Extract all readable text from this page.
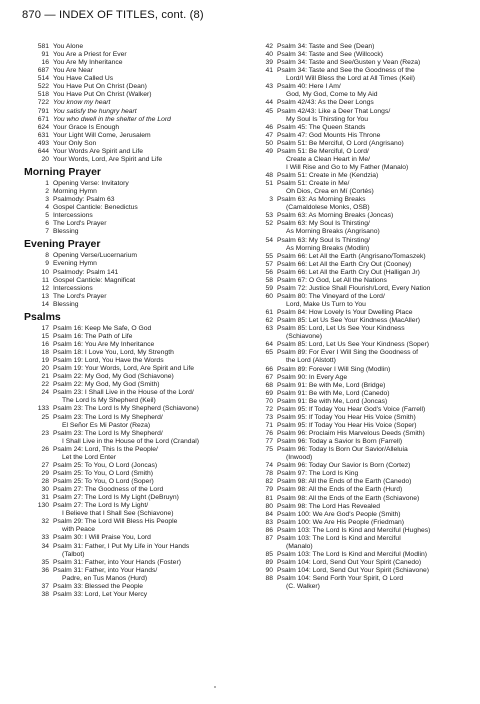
870 — INDEX OF TITLES, cont. (8)
581 You Alone
91 You Are a Priest for Ever
16 You Are My Inheritance
687 You Are Near
514 You Have Called Us
522 You Have Put On Christ (Dean)
518 You Have Put On Christ (Walker)
722 You know my heart
791 You satisfy the hungry heart
671 You who dwell in the shelter of the Lord
624 Your Grace Is Enough
631 Your Light Will Come, Jerusalem
493 Your Only Son
644 Your Words Are Spirit and Life
20 Your Words, Lord, Are Spirit and Life
Morning Prayer
1 Opening Verse: Invitatory
2 Morning Hymn
3 Psalmody: Psalm 63
4 Gospel Canticle: Benedictus
5 Intercessions
6 The Lord's Prayer
7 Blessing
Evening Prayer
8 Opening Verse/Lucernarium
9 Evening Hymn
10 Psalmody: Psalm 141
11 Gospel Canticle: Magnificat
12 Intercessions
13 The Lord's Prayer
14 Blessing
Psalms
17 Psalm 16: Keep Me Safe, O God
15 Psalm 16: The Path of Life
16 Psalm 16: You Are My Inheritance
18 Psalm 18: I Love You, Lord, My Strength
19 Psalm 19: Lord, You Have the Words
20 Psalm 19: Your Words, Lord, Are Spirit and Life
21 Psalm 22: My God, My God (Schiavone)
22 Psalm 22: My God, My God (Smith)
24 Psalm 23: I Shall Live in the House of the Lord/
The Lord Is My Shepherd (Keil)
133 Psalm 23: The Lord Is My Shepherd (Schiavone)
25 Psalm 23: The Lord Is My Shepherd/
El Señor Es Mi Pastor (Reza)
23 Psalm 23: The Lord Is My Shepherd/
I Shall Live in the House of the Lord (Crandal)
26 Psalm 24: Lord, This Is the People/
Let the Lord Enter
27 Psalm 25: To You, O Lord (Joncas)
29 Psalm 25: To You, O Lord (Smith)
28 Psalm 25: To You, O Lord (Soper)
30 Psalm 27: The Goodness of the Lord
31 Psalm 27: The Lord Is My Light (DeBruyn)
130 Psalm 27: The Lord Is My Light/
I Believe that I Shall See (Schiavone)
32 Psalm 29: The Lord Will Bless His People
with Peace
33 Psalm 30: I Will Praise You, Lord
34 Psalm 31: Father, I Put My Life in Your Hands
(Talbot)
35 Psalm 31: Father, into Your Hands (Foster)
36 Psalm 31: Father, into Your Hands/
Padre, en Tus Manos (Hurd)
37 Psalm 33: Blessed the People
38 Psalm 33: Lord, Let Your Mercy
42 Psalm 34: Taste and See (Dean)
40 Psalm 34: Taste and See (Willcock)
39 Psalm 34: Taste and See/Gusten y Vean (Reza)
41 Psalm 34: Taste and See the Goodness of the
Lord/I Will Bless the Lord at All Times (Keil)
43 Psalm 40: Here I Am/
God, My God, Come to My Aid
44 Psalm 42/43: As the Deer Longs
45 Psalm 42/43: Like a Deer That Longs/
My Soul Is Thirsting for You
46 Psalm 45: The Queen Stands
47 Psalm 47: God Mounts His Throne
50 Psalm 51: Be Merciful, O Lord (Angrisano)
49 Psalm 51: Be Merciful, O Lord/
Create a Clean Heart in Me/
I Will Rise and Go to My Father (Manalo)
48 Psalm 51: Create in Me (Kendzia)
51 Psalm 51: Create in Me/
Oh Dios, Crea en Mí (Cortés)
3 Psalm 63: As Morning Breaks
(Camaldolese Monks, OSB)
53 Psalm 63: As Morning Breaks (Joncas)
52 Psalm 63: My Soul Is Thirsting/
As Morning Breaks (Angrisano)
54 Psalm 63: My Soul Is Thirsting/
As Morning Breaks (Modlin)
55 Psalm 66: Let All the Earth (Angrisano/Tomaszek)
57 Psalm 66: Let All the Earth Cry Out (Cooney)
56 Psalm 66: Let All the Earth Cry Out (Halligan Jr)
58 Psalm 67: O God, Let All the Nations
59 Psalm 72: Justice Shall Flourish/Lord, Every Nation
60 Psalm 80: The Vineyard of the Lord/
Lord, Make Us Turn to You
61 Psalm 84: How Lovely Is Your Dwelling Place
62 Psalm 85: Let Us See Your Kindness (MacAller)
63 Psalm 85: Lord, Let Us See Your Kindness
(Schiavone)
64 Psalm 85: Lord, Let Us See Your Kindness (Soper)
65 Psalm 89: For Ever I Will Sing the Goodness of
the Lord (Alstott)
66 Psalm 89: Forever I Will Sing (Modlin)
67 Psalm 90: In Every Age
68 Psalm 91: Be with Me, Lord (Bridge)
69 Psalm 91: Be with Me, Lord (Canedo)
70 Psalm 91: Be with Me, Lord (Joncas)
72 Psalm 95: If Today You Hear God's Voice (Farrell)
73 Psalm 95: If Today You Hear His Voice (Smith)
71 Psalm 95: If Today You Hear His Voice (Soper)
76 Psalm 96: Proclaim His Marvelous Deeds (Smith)
77 Psalm 96: Today a Savior Is Born (Farrell)
75 Psalm 96: Today Is Born Our Savior/Alleluia
(Inwood)
74 Psalm 96: Today Our Savior Is Born (Cortez)
78 Psalm 97: The Lord Is King
82 Psalm 98: All the Ends of the Earth (Canedo)
79 Psalm 98: All the Ends of the Earth (Hurd)
81 Psalm 98: All the Ends of the Earth (Schiavone)
80 Psalm 98: The Lord Has Revealed
84 Psalm 100: We Are God's People (Smith)
83 Psalm 100: We Are His People (Friedman)
86 Psalm 103: The Lord Is Kind and Merciful (Hughes)
87 Psalm 103: The Lord Is Kind and Merciful
(Manalo)
85 Psalm 103: The Lord Is Kind and Merciful (Modlin)
89 Psalm 104: Lord, Send Out Your Spirit (Canedo)
90 Psalm 104: Lord, Send Out Your Spirit (Schiavone)
88 Psalm 104: Send Forth Your Spirit, O Lord
(C. Walker)
